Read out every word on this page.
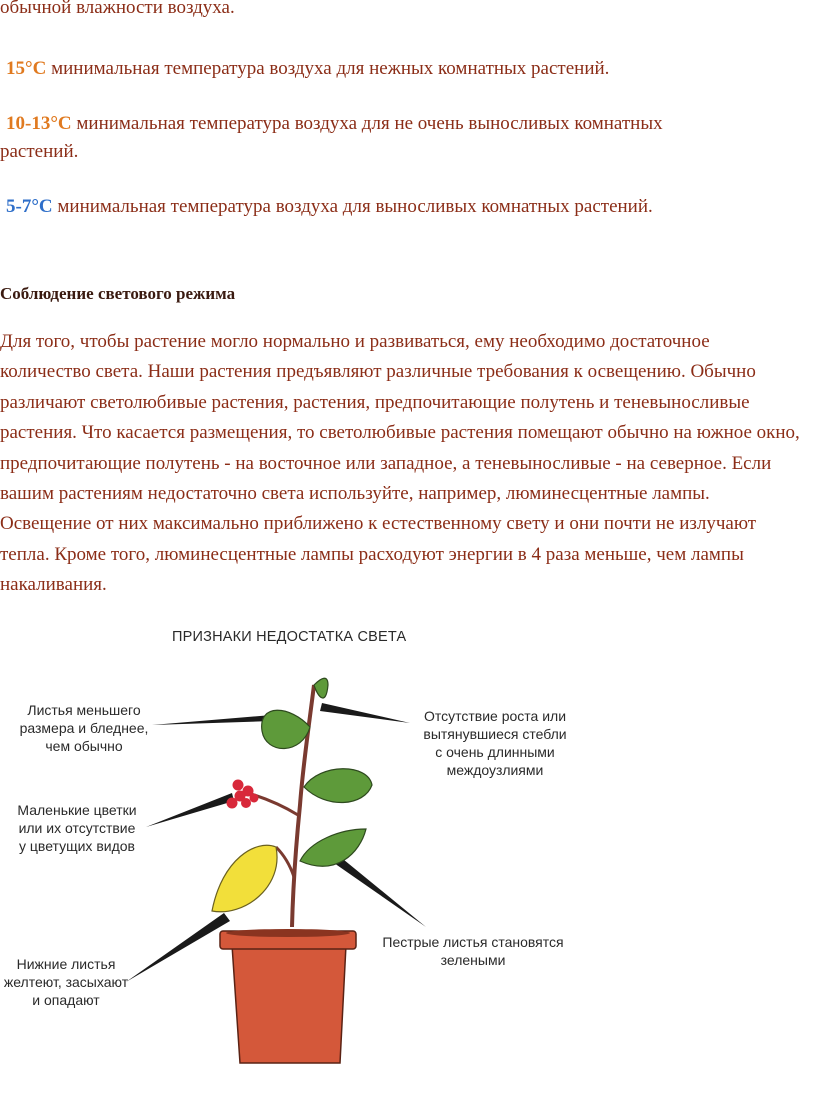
обычной влажности воздуха.
15°C минимальная температура воздуха для нежных комнатных растений.
10-13°C минимальная температура воздуха для не очень выносливых комнатных
растений.
5-7°C минимальная температура воздуха для выносливых комнатных растений.
Соблюдение светового режима
Для того, чтобы растение могло нормально и развиваться, ему необходимо достаточное количество света. Наши растения предъявляют различные требования к освещению. Обычно различают светолюбивые растения, растения, предпочитающие полутень и теневыносливые растения. Что касается размещения, то светолюбивые растения помещают обычно на южное окно, предпочитающие полутень - на восточное или западное, а теневыносливые - на северное. Если вашим растениям недостаточно света используйте, например, люминесцентные лампы. Освещение от них максимально приближено к естественному свету и они почти не излучают тепла. Кроме того, люминесцентные лампы расходуют энергии в 4 раза меньше, чем лампы накаливания.
ПРИЗНАКИ НЕДОСТАТКА СВЕТА
Листья меньшего
размера и бледнее,
чем обычно
Маленькие цветки
или их отсутствие
у цветущих видов
Нижние листья
желтеют, засыхают
и опадают
Отсутствие роста или
вытянувшиеся стебли
с очень длинными
междоузлиями
Пестрые листья становятся
зелеными
